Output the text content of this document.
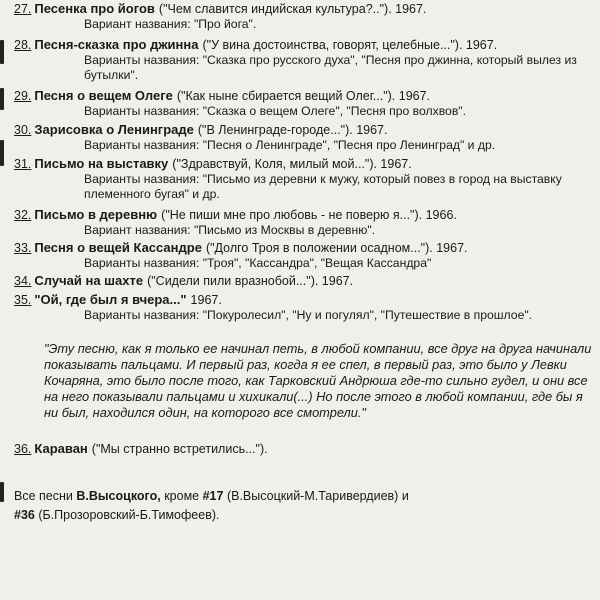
27. Песенка про йогов ("Чем славится индийская культура?.."). 1967.
Вариант названия: "Про йога".
28. Песня-сказка про джинна ("У вина достоинства, говорят, целебные..."). 1967.
Варианты названия: "Сказка про русского духа", "Песня про джинна, который вылез из бутылки".
29. Песня о вещем Олеге ("Как ныне сбирается вещий Олег..."). 1967.
Варианты названия: "Сказка о вещем Олеге", "Песня про волхвов".
30. Зарисовка о Ленинграде ("В Ленинграде-городе..."). 1967.
Варианты названия: "Песня о Ленинграде", "Песня про Ленинград" и др.
31. Письмо на выставку ("Здравствуй, Коля, милый мой..."). 1967.
Варианты названия: "Письмо из деревни к мужу, который повез в город на выставку племенного бугая" и др.
32. Письмо в деревню ("Не пиши мне про любовь - не поверю я..."). 1966.
Вариант названия: "Письмо из Москвы в деревню".
33. Песня о вещей Кассандре ("Долго Троя в положении осадном..."). 1967.
Варианты названия: "Троя", "Кассандра", "Вещая Кассандра"
34. Случай на шахте ("Сидели пили вразнобой..."). 1967.
35. "Ой, где был я вчера..." 1967.
Варианты названия: "Покуролесил", "Ну и погулял", "Путешествие в прошлое".
"Эту песню, как я только ее начинал петь, в любой компании, все друг на друга начинали показывать пальцами. И первый раз, когда я ее спел, в первый раз, это было у Левки Кочаряна, это было после того, как Тарковский Андрюша где-то сильно гудел, и они все на него показывали пальцами и хихикали(...) Но после этого в любой компании, где бы я ни был, находился один, на которого все смотрели."
36. Караван ("Мы странно встретились...").
Все песни В.Высоцкого, кроме #17 (В.Высоцкий-М.Таривердиев) и
#36 (Б.Прозоровский-Б.Тимофеев).
